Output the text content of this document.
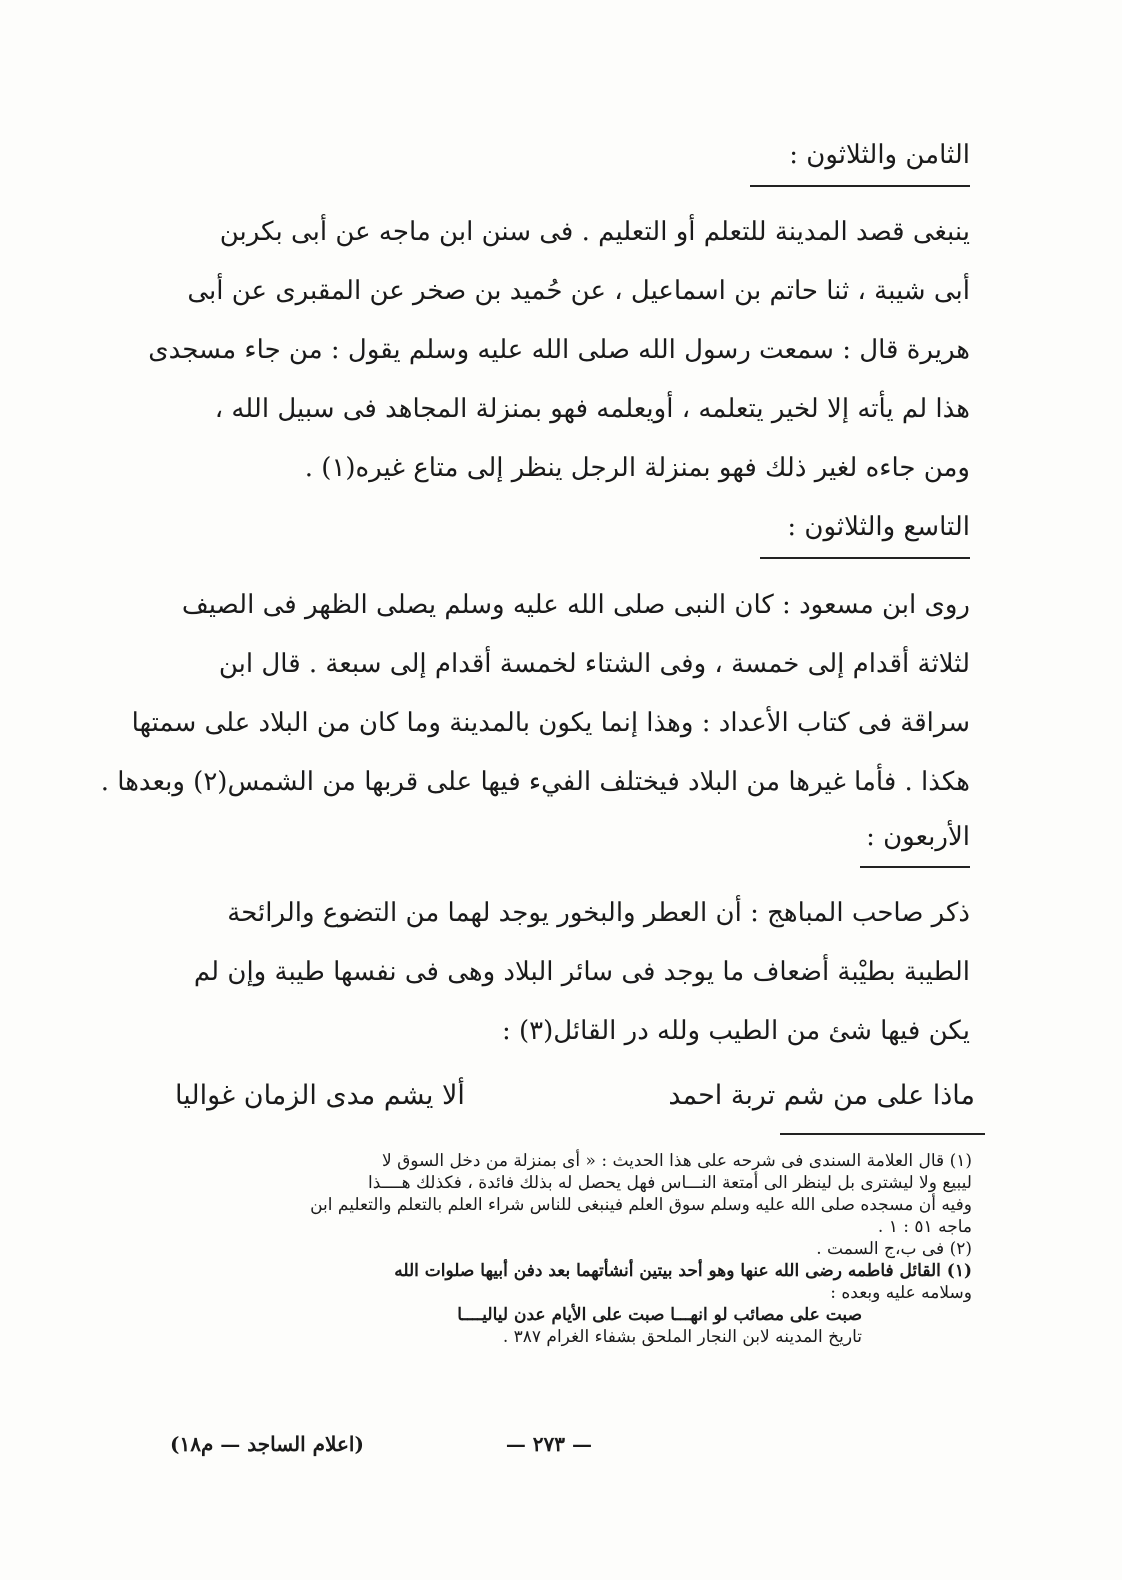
الثامن والثلاثون :
ينبغى قصد المدينة للتعلم أو التعليم . فى سنن ابن ماجه عن أبى بكربن
أبى شيبة ، ثنا حاتم بن اسماعيل ، عن حُميد بن صخر عن المقبرى عن أبى
هريرة قال : سمعت رسول الله صلى الله عليه وسلم يقول : من جاء مسجدى
هذا لم يأته إلا لخير يتعلمه ، أويعلمه فهو بمنزلة المجاهد فى سبيل الله ،
ومن جاءه لغير ذلك فهو بمنزلة الرجل ينظر إلى متاع غيره(١) .
التاسع والثلاثون :
روى ابن مسعود : كان النبى صلى الله عليه وسلم يصلى الظهر فى الصيف
لثلاثة أقدام إلى خمسة ، وفى الشتاء لخمسة أقدام إلى سبعة . قال ابن
سراقة فى كتاب الأعداد : وهذا إنما يكون بالمدينة وما كان من البلاد على سمتها
هكذا . فأما غيرها من البلاد فيختلف الفيء فيها على قربها من الشمس(٢) وبعدها .
الأربعون :
ذكر صاحب المباهج : أن العطر والبخور يوجد لهما من التضوع والرائحة
الطيبة بطيْبة أضعاف ما يوجد فى سائر البلاد وهى فى نفسها طيبة وإن لم
يكن فيها شئ من الطيب ولله در القائل(٣) :
ماذا على من شم تربة احمد
ألا يشم مدى الزمان غواليا
(١) قال العلامة السندى فى شرحه على هذا الحديث : « أى بمنزلة من دخل السوق لا
ليبيع ولا ليشترى بل لينظر الى أمتعة النـــاس فهل يحصل له بذلك فائدة ، فكذلك هــــذا
وفيه أن مسجده صلى الله عليه وسلم سوق العلم فينبغى للناس شراء العلم بالتعلم والتعليم ابن
ماجه ٥١ : ١ .
(٢) فى ب،ج السمت .
(١) القائل فاطمه رضى الله عنها وهو أحد بيتين أنشأتهما بعد دفن أبيها صلوات الله
وسلامه عليه وبعده :
صبت على مصائب لو انهـــا صبت على الأيام عدن لياليــــا
تاريخ المدينه لابن النجار الملحق بشفاء الغرام ٣٨٧ .
— ٢٧٣ —
(اعلام الساجد — م١٨)
